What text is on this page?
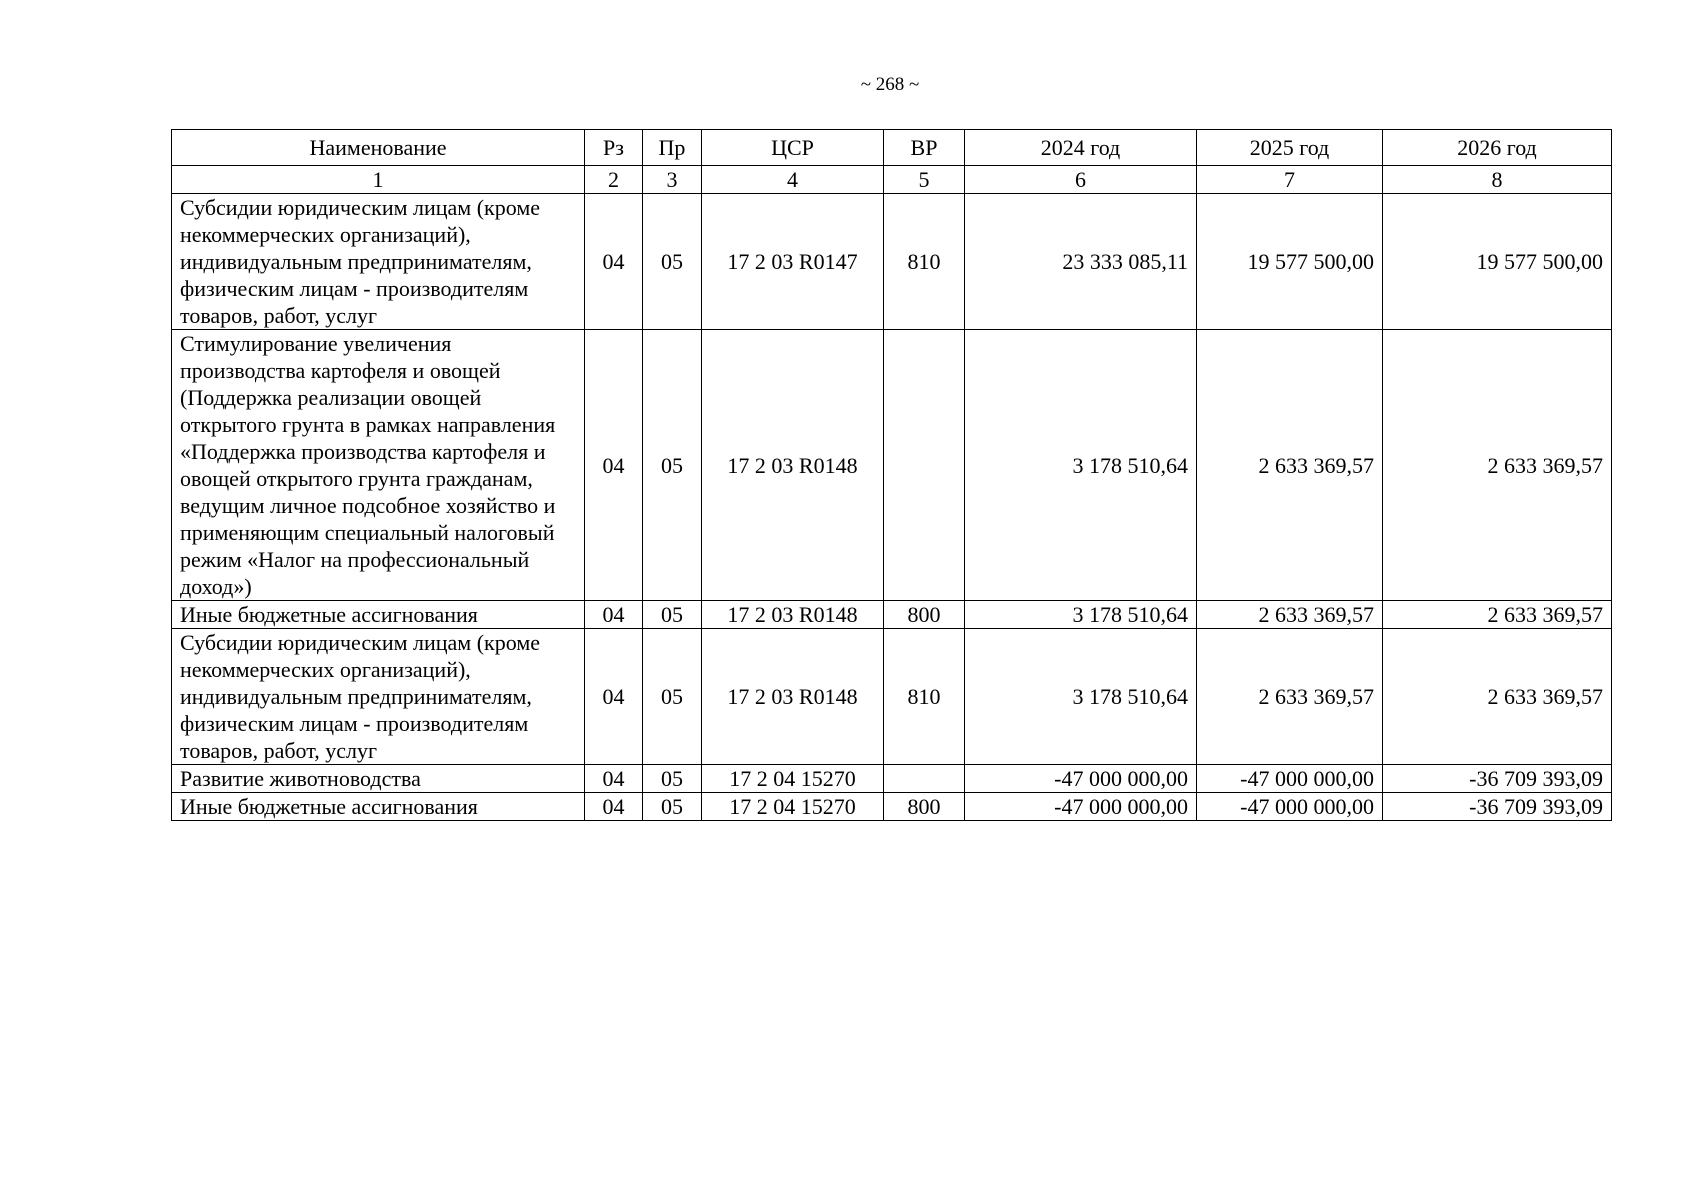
~ 268 ~
Наименование	Рз	Пр	ЦСР	ВР	2024 год	2025 год	2026 год
1	2	3	4	5	6	7	8
Субсидии юридическим лицам (кроме некоммерческих организаций), индивидуальным предпринимателям, физическим лицам - производителям товаров, работ, услуг	04	05	17 2 03 R0147	810	23 333 085,11	19 577 500,00	19 577 500,00
Стимулирование увеличения производства картофеля и овощей (Поддержка реализации овощей открытого грунта в рамках направления «Поддержка производства картофеля и овощей открытого грунта гражданам, ведущим личное подсобное хозяйство и применяющим специальный налоговый режим «Налог на профессиональный доход»)	04	05	17 2 03 R0148		3 178 510,64	2 633 369,57	2 633 369,57
Иные бюджетные ассигнования	04	05	17 2 03 R0148	800	3 178 510,64	2 633 369,57	2 633 369,57
Субсидии юридическим лицам (кроме некоммерческих организаций), индивидуальным предпринимателям, физическим лицам - производителям товаров, работ, услуг	04	05	17 2 03 R0148	810	3 178 510,64	2 633 369,57	2 633 369,57
Развитие животноводства	04	05	17 2 04 15270		-47 000 000,00	-47 000 000,00	-36 709 393,09
Иные бюджетные ассигнования	04	05	17 2 04 15270	800	-47 000 000,00	-47 000 000,00	-36 709 393,09
